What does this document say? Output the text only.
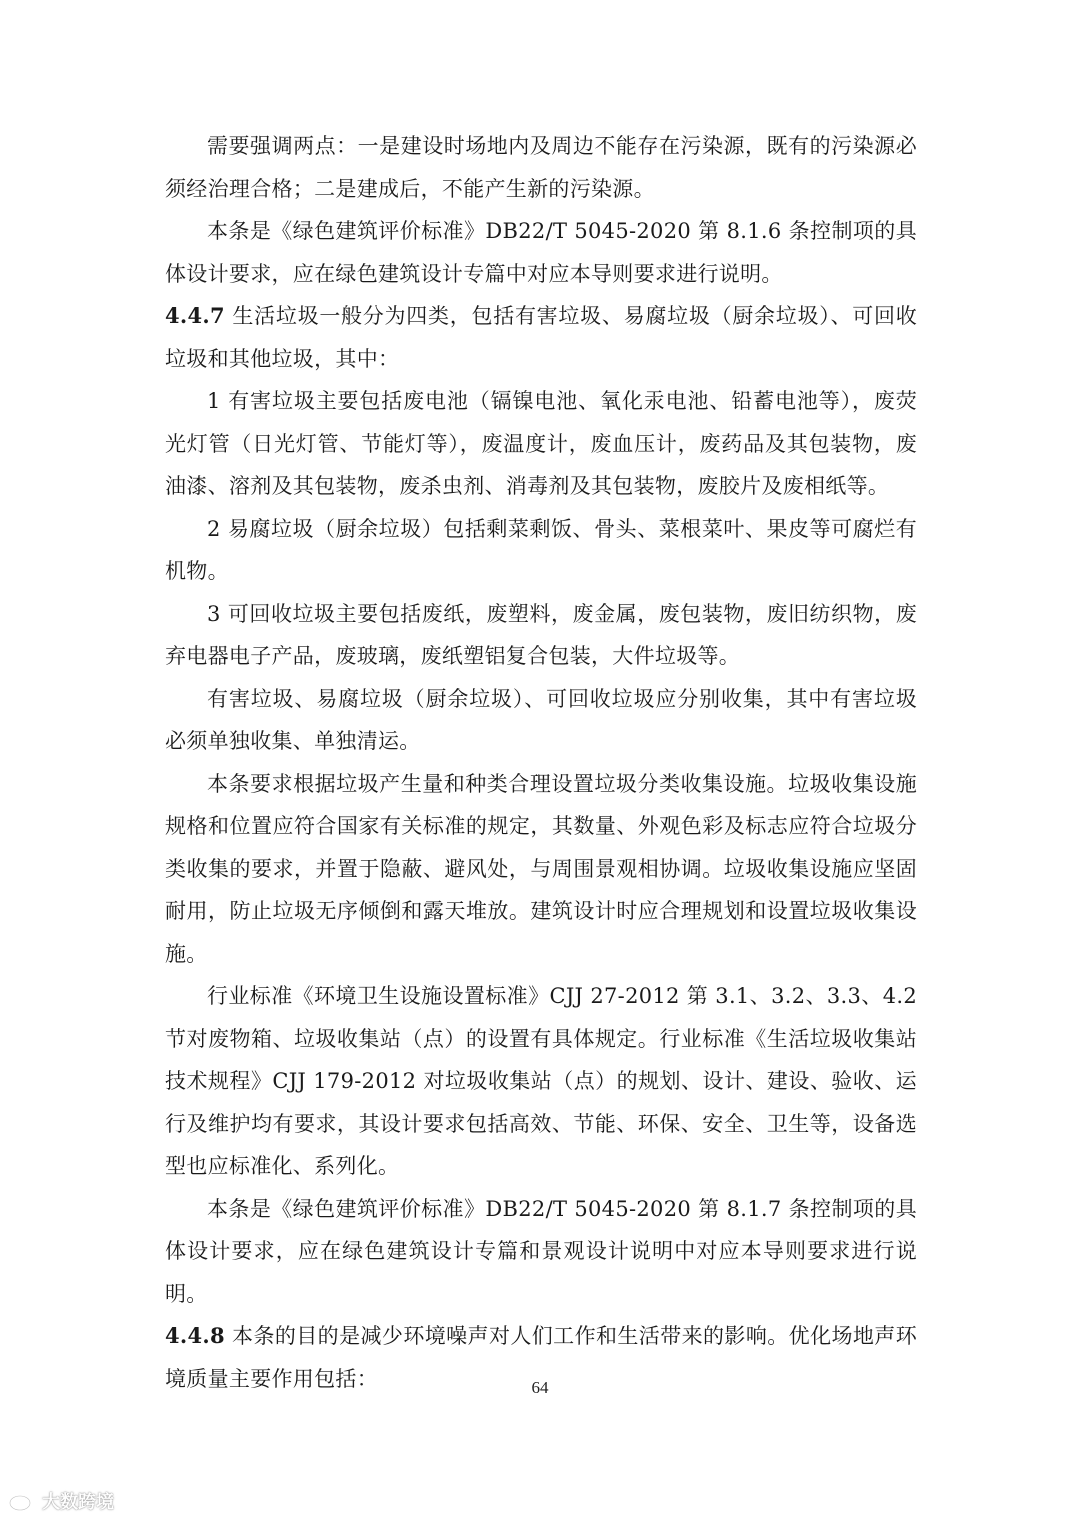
需要强调两点：一是建设时场地内及周边不能存在污染源，既有的污染源必须经治理合格；二是建成后，不能产生新的污染源。

本条是《绿色建筑评价标准》DB22/T 5045-2020 第 8.1.6 条控制项的具体设计要求，应在绿色建筑设计专篇中对应本导则要求进行说明。

4.4.7 生活垃圾一般分为四类，包括有害垃圾、易腐垃圾（厨余垃圾）、可回收垃圾和其他垃圾，其中：

1 有害垃圾主要包括废电池（镉镍电池、氧化汞电池、铅蓄电池等），废荧光灯管（日光灯管、节能灯等），废温度计，废血压计，废药品及其包装物，废油漆、溶剂及其包装物，废杀虫剂、消毒剂及其包装物，废胶片及废相纸等。

2 易腐垃圾（厨余垃圾）包括剩菜剩饭、骨头、菜根菜叶、果皮等可腐烂有机物。

3 可回收垃圾主要包括废纸，废塑料，废金属，废包装物，废旧纺织物，废弃电器电子产品，废玻璃，废纸塑铝复合包装，大件垃圾等。

有害垃圾、易腐垃圾（厨余垃圾）、可回收垃圾应分别收集，其中有害垃圾必须单独收集、单独清运。

本条要求根据垃圾产生量和种类合理设置垃圾分类收集设施。垃圾收集设施规格和位置应符合国家有关标准的规定，其数量、外观色彩及标志应符合垃圾分类收集的要求，并置于隐蔽、避风处，与周围景观相协调。垃圾收集设施应坚固耐用，防止垃圾无序倾倒和露天堆放。建筑设计时应合理规划和设置垃圾收集设施。

行业标准《环境卫生设施设置标准》CJJ 27-2012 第 3.1、3.2、3.3、4.2 节对废物箱、垃圾收集站（点）的设置有具体规定。行业标准《生活垃圾收集站技术规程》CJJ 179-2012 对垃圾收集站（点）的规划、设计、建设、验收、运行及维护均有要求，其设计要求包括高效、节能、环保、安全、卫生等，设备选型也应标准化、系列化。

本条是《绿色建筑评价标准》DB22/T 5045-2020 第 8.1.7 条控制项的具体设计要求，应在绿色建筑设计专篇和景观设计说明中对应本导则要求进行说明。

4.4.8 本条的目的是减少环境噪声对人们工作和生活带来的影响。优化场地声环境质量主要作用包括：	64
大数跨境
